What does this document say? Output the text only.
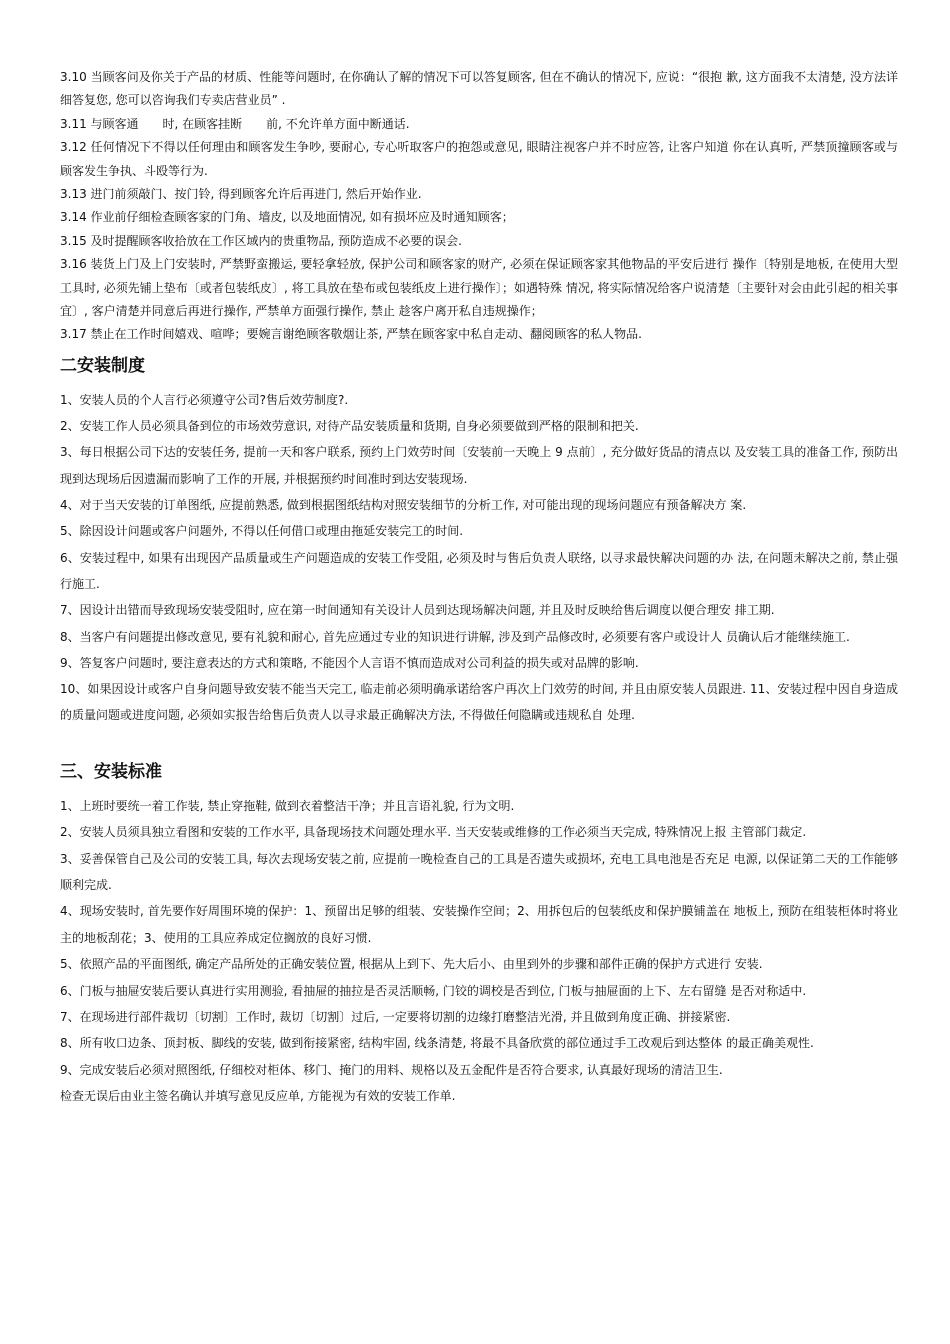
3.10 当顾客问及你关于产品的材质、性能等问题时, 在你确认了解的情况下可以答复顾客, 但在不确认的情况下, 应说：“很抱 歉, 这方面我不太清楚, 没方法详细答复您, 您可以咨询我们专卖店营业员” .

3.11 与顾客通　　时, 在顾客挂断　　前, 不允许单方面中断通话.

3.12 任何情况下不得以任何理由和顾客发生争吵, 要耐心, 专心听取客户的抱怨或意见, 眼睛注视客户并不时应答, 让客户知道 你在认真听, 严禁顶撞顾客或与顾客发生争执、斗殴等行为.

3.13 进门前须敲门、按门铃, 得到顾客允许后再进门, 然后开始作业.

3.14 作业前仔细检查顾客家的门角、墙皮, 以及地面情况, 如有损坏应及时通知顾客；

3.15 及时提醒顾客收拾放在工作区域内的贵重物品, 预防造成不必要的误会.

3.16 装货上门及上门安装时, 严禁野蛮搬运, 要轻拿轻放, 保护公司和顾客家的财产, 必须在保证顾客家其他物品的平安后进行 操作〔特别是地板, 在使用大型工具时, 必须先铺上垫布〔或者包装纸皮〕, 将工具放在垫布或包装纸皮上进行操作〕；如遇特殊 情况, 将实际情况给客户说清楚〔主要针对会由此引起的相关事宜〕, 客户清楚并同意后再进行操作, 严禁单方面强行操作, 禁止 趁客户离开私自违规操作；

3.17 禁止在工作时间嬉戏、喧哗；要婉言谢绝顾客敬烟让茶, 严禁在顾客家中私自走动、翻阅顾客的私人物品.

二安装制度

1、安装人员的个人言行必须遵守公司?售后效劳制度?.

2、安装工作人员必须具备到位的市场效劳意识, 对待产品安装质量和货期, 自身必须要做到严格的限制和把关.

3、每日根据公司下达的安装任务, 提前一天和客户联系, 预约上门效劳时间〔安装前一天晚上 9 点前〕, 充分做好货品的清点以 及安装工具的准备工作, 预防出现到达现场后因遗漏而影响了工作的开展, 并根据预约时间准时到达安装现场.

4、对于当天安装的订单图纸, 应提前熟悉, 做到根据图纸结构对照安装细节的分析工作, 对可能出现的现场问题应有预备解决方 案.

5、除因设计问题或客户问题外, 不得以任何借口或理由拖延安装完工的时间.

6、安装过程中, 如果有出现因产品质量或生产问题造成的安装工作受阻, 必须及时与售后负责人联络, 以寻求最快解决问题的办 法, 在问题未解决之前, 禁止强行施工.

7、因设计出错而导致现场安装受阻时, 应在第一时间通知有关设计人员到达现场解决问题, 并且及时反映给售后调度以便合理安 排工期.

8、当客户有问题提出修改意见, 要有礼貌和耐心, 首先应通过专业的知识进行讲解, 涉及到产品修改时, 必须要有客户或设计人 员确认后才能继续施工.

9、答复客户问题时, 要注意表达的方式和策略, 不能因个人言语不慎而造成对公司利益的损失或对品牌的影响.

10、如果因设计或客户自身问题导致安装不能当天完工, 临走前必须明确承诺给客户再次上门效劳的时间, 并且由原安装人员跟进. 11、安装过程中因自身造成的质量问题或进度问题, 必须如实报告给售后负责人以寻求最正确解决方法, 不得做任何隐瞒或违规私自 处理.

三、安装标准

1、上班时要统一着工作装, 禁止穿拖鞋, 做到衣着整洁干净；并且言语礼貌, 行为文明.

2、安装人员须具独立看图和安装的工作水平, 具备现场技术问题处理水平. 当天安装或维修的工作必须当天完成, 特殊情况上报 主管部门裁定.

3、妥善保管自己及公司的安装工具, 每次去现场安装之前, 应提前一晚检查自己的工具是否遗失或损坏, 充电工具电池是否充足 电源, 以保证第二天的工作能够顺利完成.

4、现场安装时, 首先要作好周围环境的保护：1、预留出足够的组装、安装操作空间；2、用拆包后的包装纸皮和保护膜铺盖在 地板上, 预防在组装柜体时将业主的地板刮花；3、使用的工具应养成定位搁放的良好习惯.

5、依照产品的平面图纸, 确定产品所处的正确安装位置, 根据从上到下、先大后小、由里到外的步骤和部件正确的保护方式进行 安装.

6、门板与抽屉安装后要认真进行实用测验, 看抽屉的抽拉是否灵活顺畅, 门铰的调校是否到位, 门板与抽屉面的上下、左右留缝 是否对称适中.

7、在现场进行部件裁切〔切割〕工作时, 裁切〔切割〕过后, 一定要将切割的边缘打磨整洁光滑, 并且做到角度正确、拼接紧密.

8、所有收口边条、顶封板、脚线的安装, 做到衔接紧密, 结构牢固, 线条清楚, 将最不具备欣赏的部位通过手工改观后到达整体 的最正确美观性.

9、完成安装后必须对照图纸, 仔细校对柜体、移门、掩门的用料、规格以及五金配件是否符合要求, 认真最好现场的清洁卫生.

检查无误后由业主签名确认并填写意见反应单, 方能视为有效的安装工作单.
